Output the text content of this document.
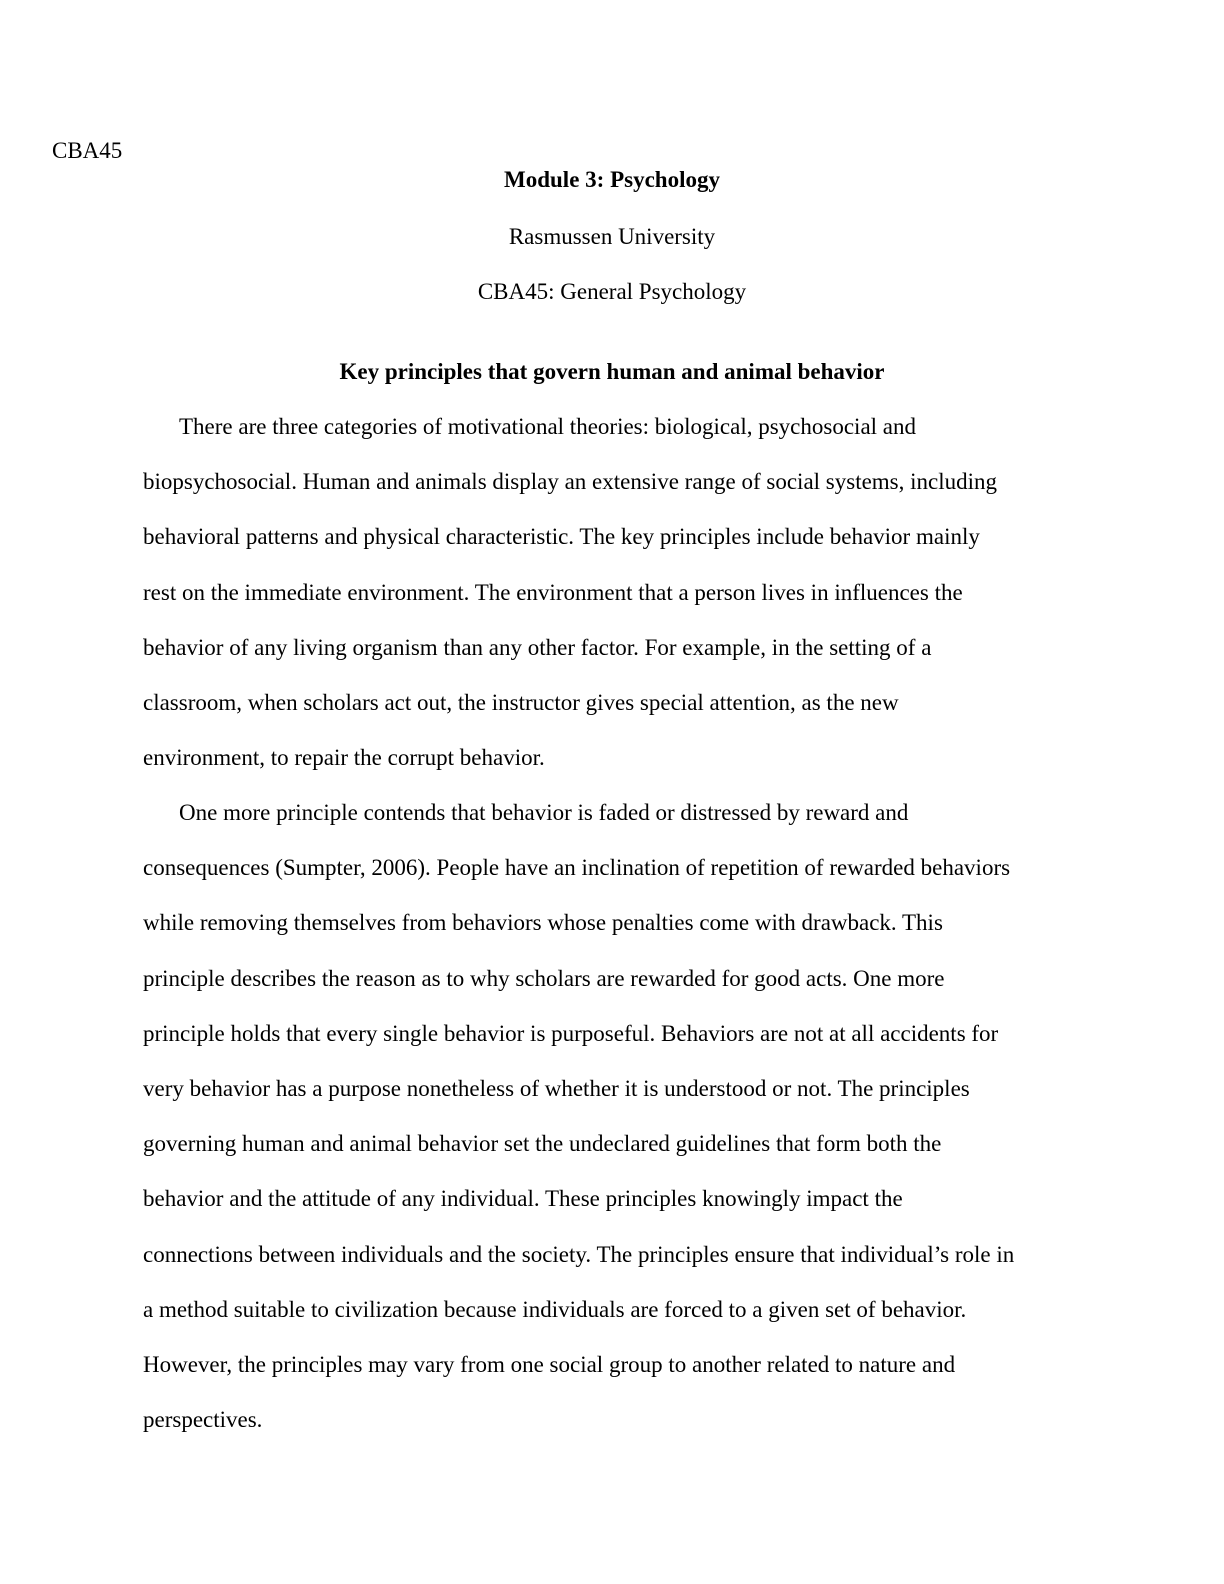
CBA45

Module 3: Psychology

Rasmussen University

CBA45: General Psychology

Key principles that govern human and animal behavior

There are three categories of motivational theories: biological, psychosocial and
biopsychosocial. Human and animals display an extensive range of social systems, including
behavioral patterns and physical characteristic. The key principles include behavior mainly
rest on the immediate environment. The environment that a person lives in influences the
behavior of any living organism than any other factor. For example, in the setting of a
classroom, when scholars act out, the instructor gives special attention, as the new
environment, to repair the corrupt behavior.
One more principle contends that behavior is faded or distressed by reward and
consequences (Sumpter, 2006). People have an inclination of repetition of rewarded behaviors
while removing themselves from behaviors whose penalties come with drawback. This
principle describes the reason as to why scholars are rewarded for good acts. One more
principle holds that every single behavior is purposeful. Behaviors are not at all accidents for
very behavior has a purpose nonetheless of whether it is understood or not. The principles
governing human and animal behavior set the undeclared guidelines that form both the
behavior and the attitude of any individual. These principles knowingly impact the
connections between individuals and the society. The principles ensure that individual’s role in
a method suitable to civilization because individuals are forced to a given set of behavior.
However, the principles may vary from one social group to another related to nature and
perspectives.
